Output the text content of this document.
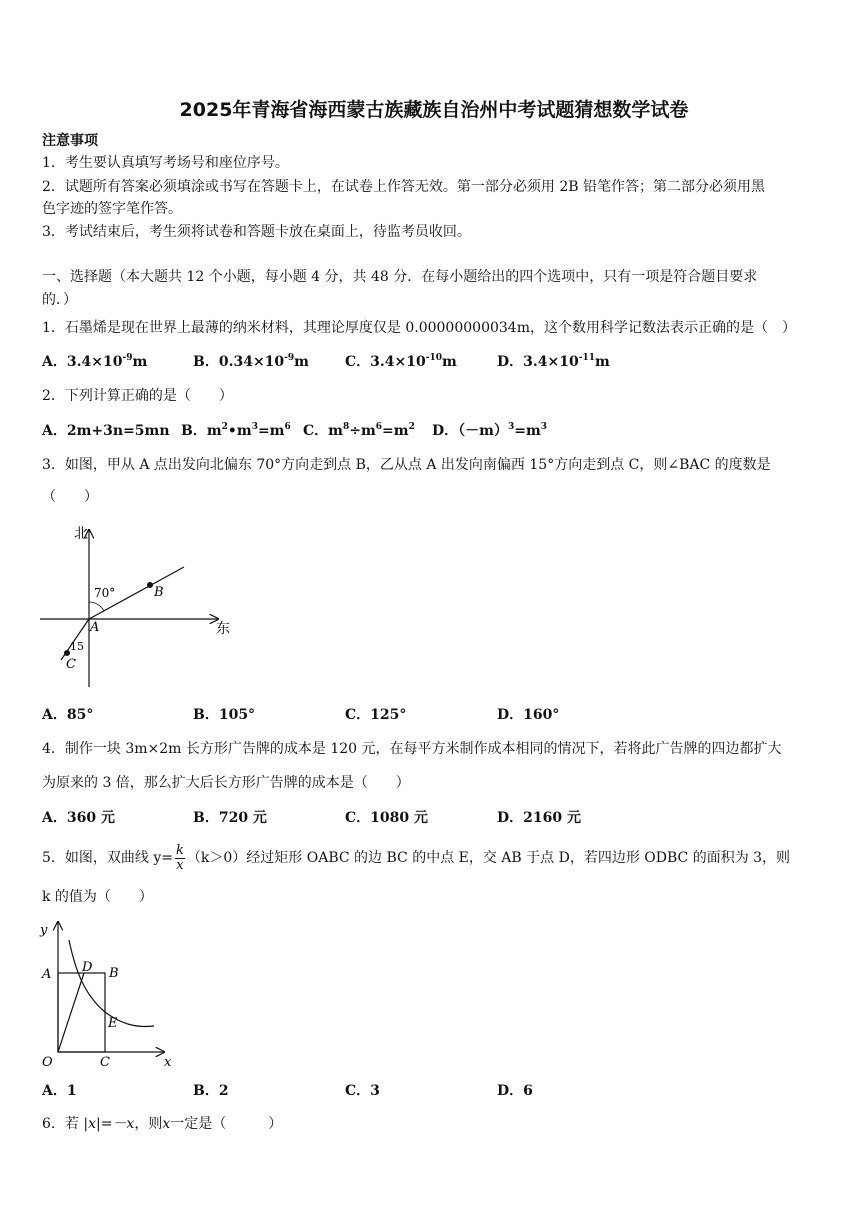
2025年青海省海西蒙古族藏族自治州中考试题猜想数学试卷
注意事项
1．考生要认真填写考场号和座位序号。
2．试题所有答案必须填涂或书写在答题卡上，在试卷上作答无效。第一部分必须用 2B 铅笔作答；第二部分必须用黑
色字迹的签字笔作答。
3．考试结束后，考生须将试卷和答题卡放在桌面上，待监考员收回。
一、选择题（本大题共 12 个小题，每小题 4 分，共 48 分．在每小题给出的四个选项中，只有一项是符合题目要求
的．）
1．石墨烯是现在世界上最薄的纳米材料，其理论厚度仅是 0.00000000034m，这个数用科学记数法表示正确的是（　）
A．$3.4\times 10^{-9}m$	B．$0.34\times 10^{-9}m$	C．$3.4\times 10^{-10}m$	D．$3.4\times 10^{-11}m$
2．下列计算正确的是（　　）
A．2m+3n=5mn B．$m^2•m^3=m^6$ C．$m^8\div m^6=m^2$ D．$(-m)^3=m^3$
3．如图，甲从 A 点出发向北偏东 70°方向走到点 B，乙从点 A 出发向南偏西 15°方向走到点 C，则∠BAC 的度数是
（　　）
北
东
70°
15
A
B
C
A．85°	B．105°	C．125°	D．160°
4．制作一块 3m×2m 长方形广告牌的成本是 120 元，在每平方米制作成本相同的情况下，若将此广告牌的四边都扩大
为原来的 3 倍，那么扩大后长方形广告牌的成本是（　　）
A．360 元	B．720 元	C．1080 元	D．2160 元
5．如图，双曲线 $y= \frac{k}{x} (k>0)$经过矩形 OABC 的边 BC 的中点 E，交 AB 于点 D，若四边形 ODBC 的面积为 3，则
k 的值为（　　）
y
x
A D B
E
O	C
A．1	B．2	C．3	D．6
6．若 |x|=－x，则x一定是（　　　）
